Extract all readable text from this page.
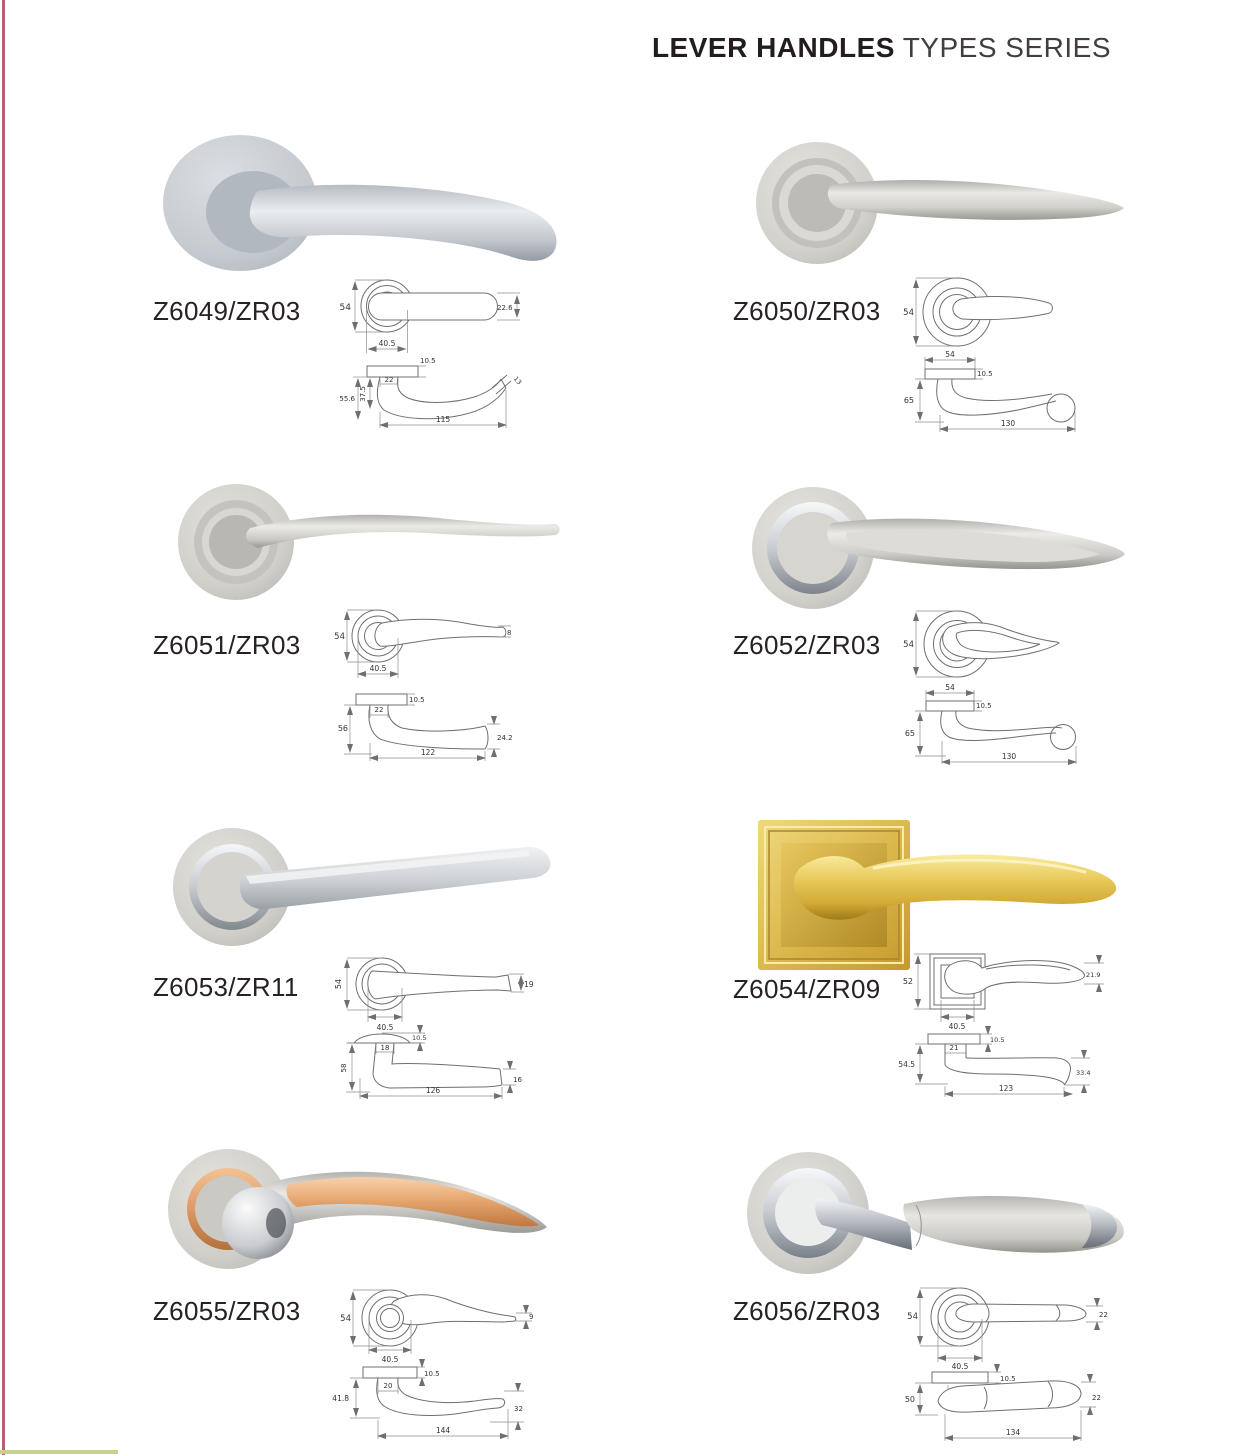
LEVER HANDLES TYPES SERIES
Z6049/ZR03	54
40.5
22.6
10.5
22
55.6 37.5
115
13
Z6050/ZR03	54
54
10.5
65
130
Z6051/ZR03	8
54
40.5
10.5
22
56
24.2
122
Z6052/ZR03	54
54
10.5
65
130
Z6053/ZR11	19
54
40.5
10.5
18
58
16
126
Z6054/ZR09	52
21.9
40.5
10.5
21
54.5
33.4
123
Z6055/ZR03	9
54
40.5
10.5
20
41.8
32
144
Z6056/ZR03	22
54
40.5
10.5
50	22
134
